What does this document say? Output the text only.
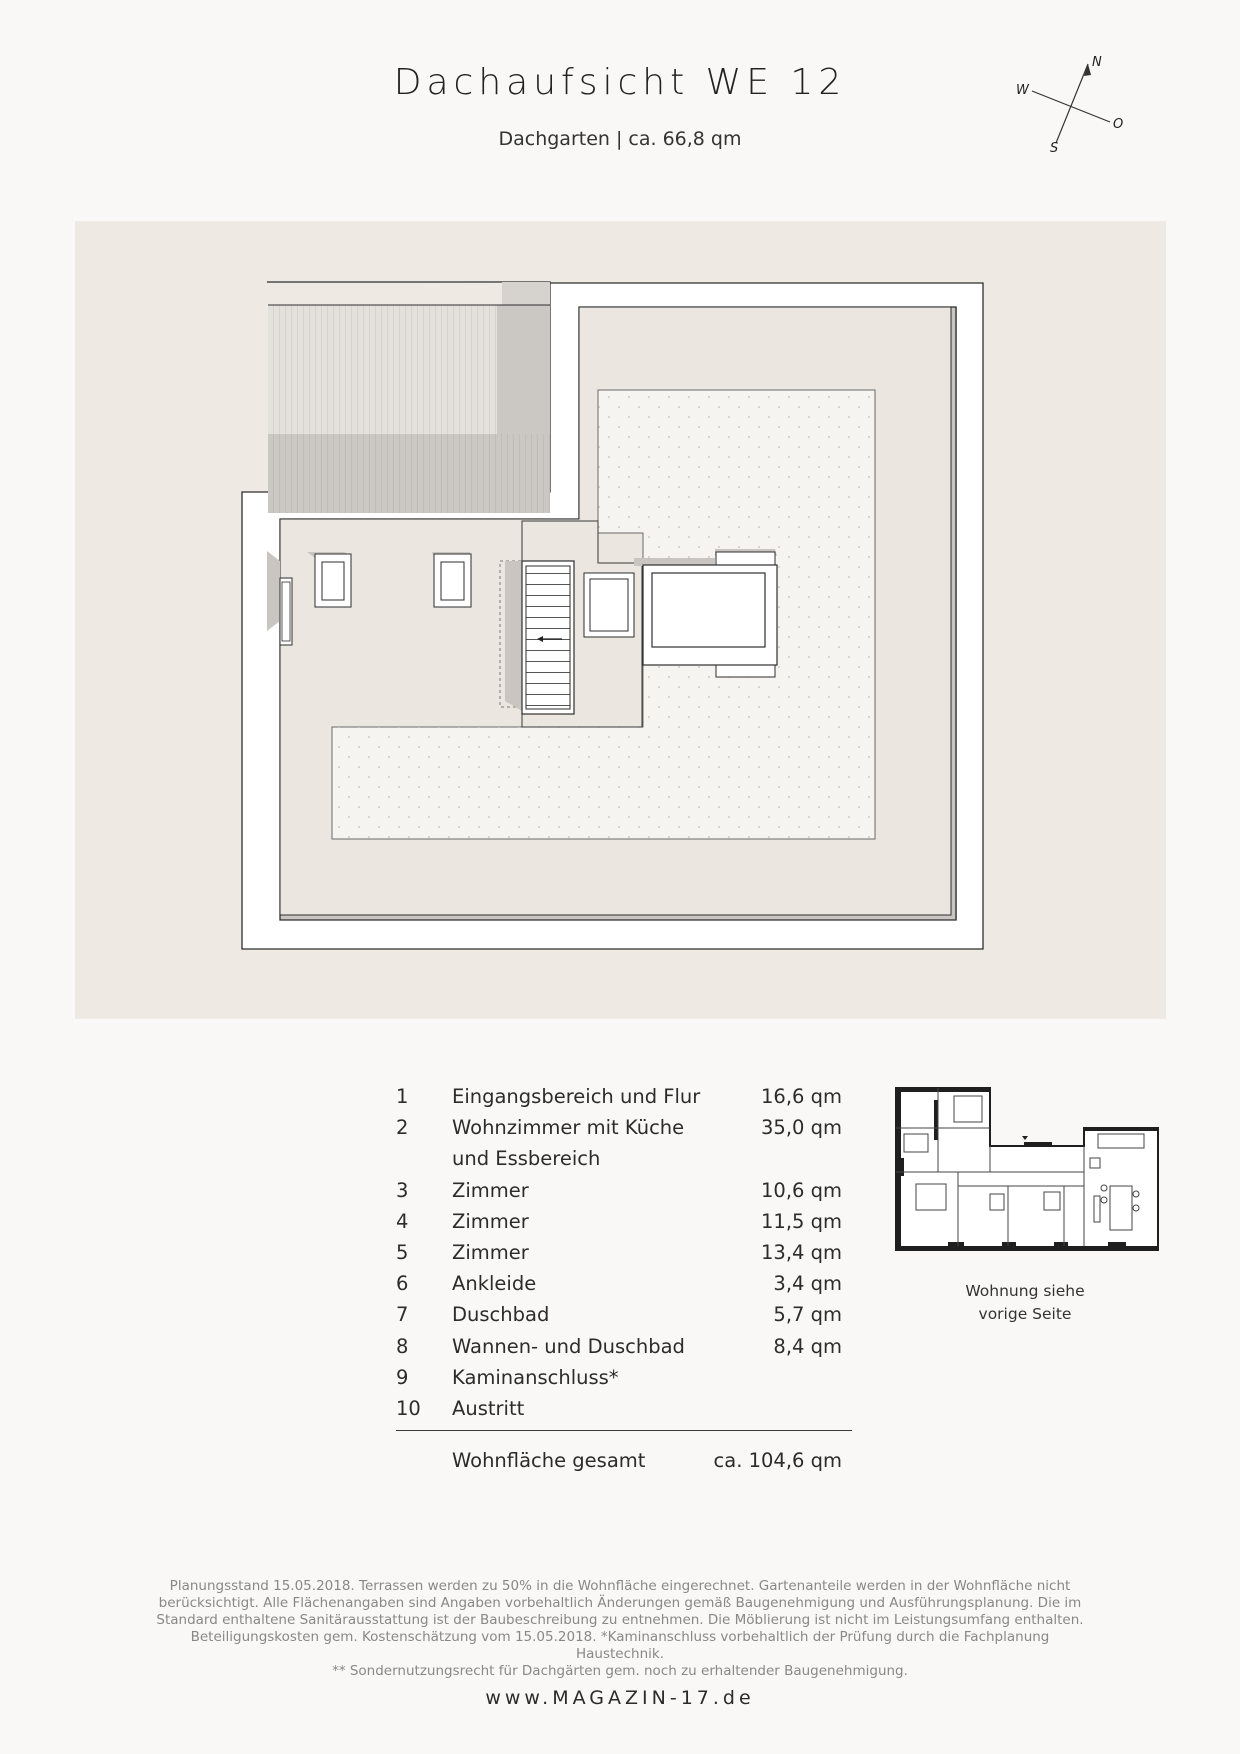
Dachaufsicht WE 12
Dachgarten | ca. 66,8 qm
N
O
S
W
1 Eingangsbereich und Flur	16,6 qm
2 Wohnzimmer mit Küche	35,0 qm
und Essbereich
3 Zimmer	10,6 qm
4 Zimmer	11,5 qm
5 Zimmer	13,4 qm
6 Ankleide	3,4 qm
7 Duschbad	5,7 qm
8 Wannen- und Duschbad	8,4 qm
9 Kaminanschluss*
10 Austritt
Wohnfläche gesamt	ca. 104,6 qm
Wohnung siehe
vorige Seite
Planungsstand 15.05.2018. Terrassen werden zu 50% in die Wohnfläche eingerechnet. Gartenanteile werden in der Wohnfläche nicht
berücksichtigt. Alle Flächenangaben sind Angaben vorbehaltlich Änderungen gemäß Baugenehmigung und Ausführungsplanung. Die im
Standard enthaltene Sanitärausstattung ist der Baubeschreibung zu entnehmen. Die Möblierung ist nicht im Leistungsumfang enthalten.
Beteiligungskosten gem. Kostenschätzung vom 15.05.2018. *Kaminanschluss vorbehaltlich der Prüfung durch die Fachplanung Haustechnik.
** Sondernutzungsrecht für Dachgärten gem. noch zu erhaltender Baugenehmigung.
www.MAGAZIN-17.de
